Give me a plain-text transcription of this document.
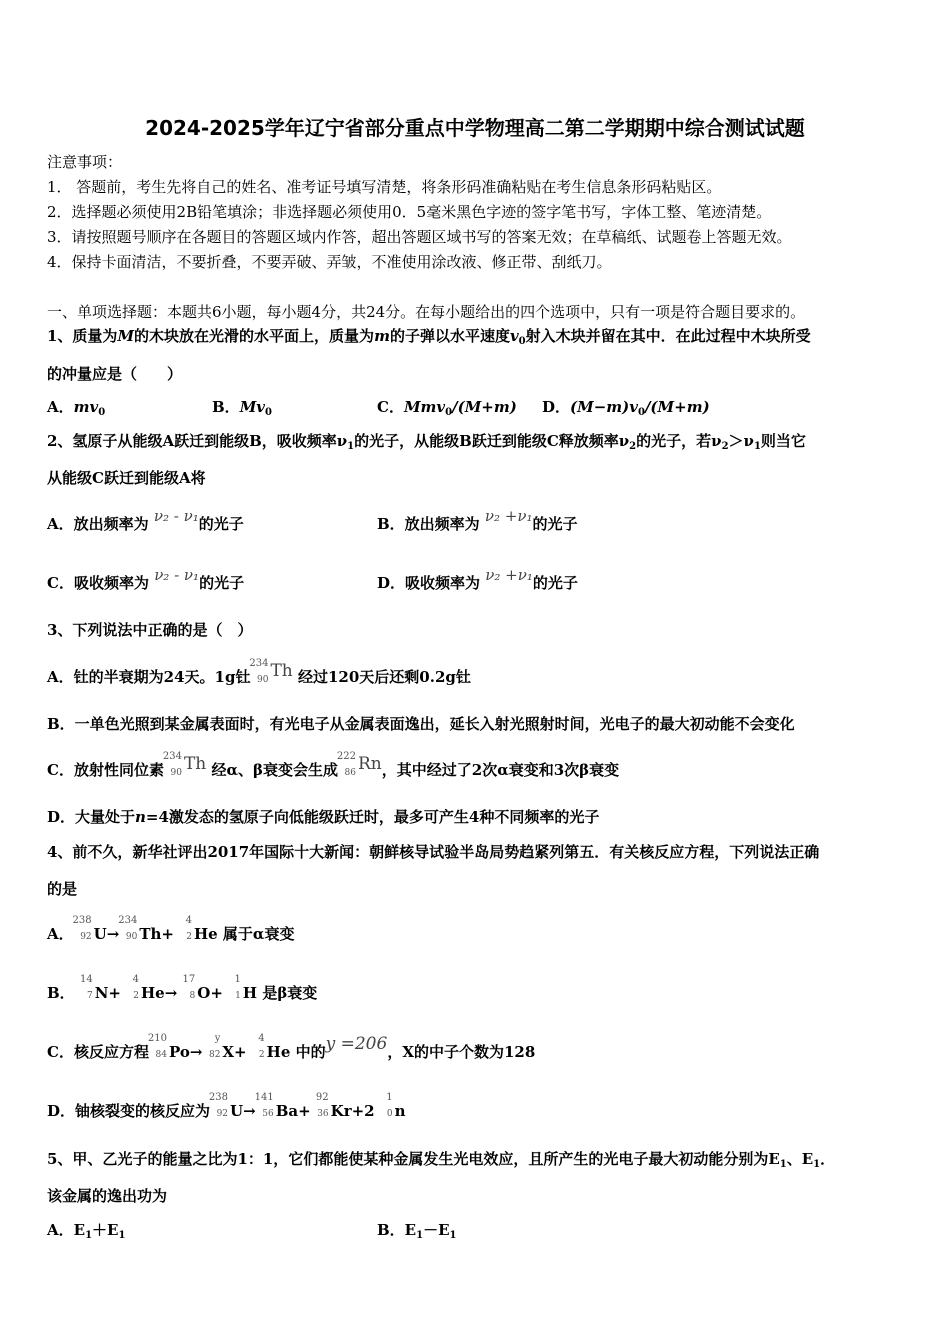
2024-2025学年辽宁省部分重点中学物理高二第二学期期中综合测试试题
注意事项：
1． 答题前，考生先将自己的姓名、准考证号填写清楚，将条形码准确粘贴在考生信息条形码粘贴区。
2．选择题必须使用2B铅笔填涂；非选择题必须使用0．5毫米黑色字迹的签字笔书写，字体工整、笔迹清楚。
3．请按照题号顺序在各题目的答题区域内作答，超出答题区域书写的答案无效；在草稿纸、试题卷上答题无效。
4．保持卡面清洁，不要折叠，不要弄破、弄皱，不准使用涂改液、修正带、刮纸刀。
一、单项选择题：本题共6小题，每小题4分，共24分。在每小题给出的四个选项中，只有一项是符合题目要求的。
1、质量为M的木块放在光滑的水平面上，质量为m的子弹以水平速度$v_0$射入木块并留在其中．在此过程中木块所受
的冲量应是（　　）
A．$mv_0$	B．$Mv_0$	C．Mmv$_0$/(M+m) D．$(M-m)v_0/(M+m)$
2、氢原子从能级A跃迁到能级B，吸收频率$\nu_1$的光子，从能级B跃迁到能级C释放频率$\nu_2$的光子，若$\nu_2>\nu_1$则当它
从能级C跃迁到能级A将
A．放出频率为 ν₂ - ν₁的光子	B．放出频率为 ν₂ +ν₁的光子
C．吸收频率为 ν₂ - ν₁的光子	D．吸收频率为 ν₂ +ν₁的光子
3、下列说法中正确的是（　）
A．钍的半衰期为24天。1g钍
234
90 Th 经过120天后还剩0.2g钍
B．一单色光照到某金属表面时，有光电子从金属表面逸出，延长入射光照射时间，光电子的最大初动能不会变化
C．放射性同位素
234
90 Th 经α、β衰变会生成
222
86 Rn，其中经过了2次α衰变和3次β衰变
D．大量处于n=4激发态的氢原子向低能级跃迁时，最多可产生4种不同频率的光子
4、前不久，新华社评出2017年国际十大新闻：朝鲜核导试验半岛局势趋紧列第五．有关核反应方程，下列说法正确
的是
A．
238
92 U→
234
90 Th+
4
2 He 属于α衰变
B．
14
7 N+
4
2 He→
17
8 O+
1
1 H 是β衰变
C．核反应方程
210
84 Po→
y
82 X+
4
2 He 中的y =206，X的中子个数为128
D．铀核裂变的核反应为
238
92 U→
141
56 Ba+
92
36 Kr+2
1
0 n
5、甲、乙光子的能量之比为1：1，它们都能使某种金属发生光电效应，且所产生的光电子最大初动能分别为$E_1$、$E_1$．
该金属的逸出功为
A．$E_1+E_1$	B．$E_1-E_1$
